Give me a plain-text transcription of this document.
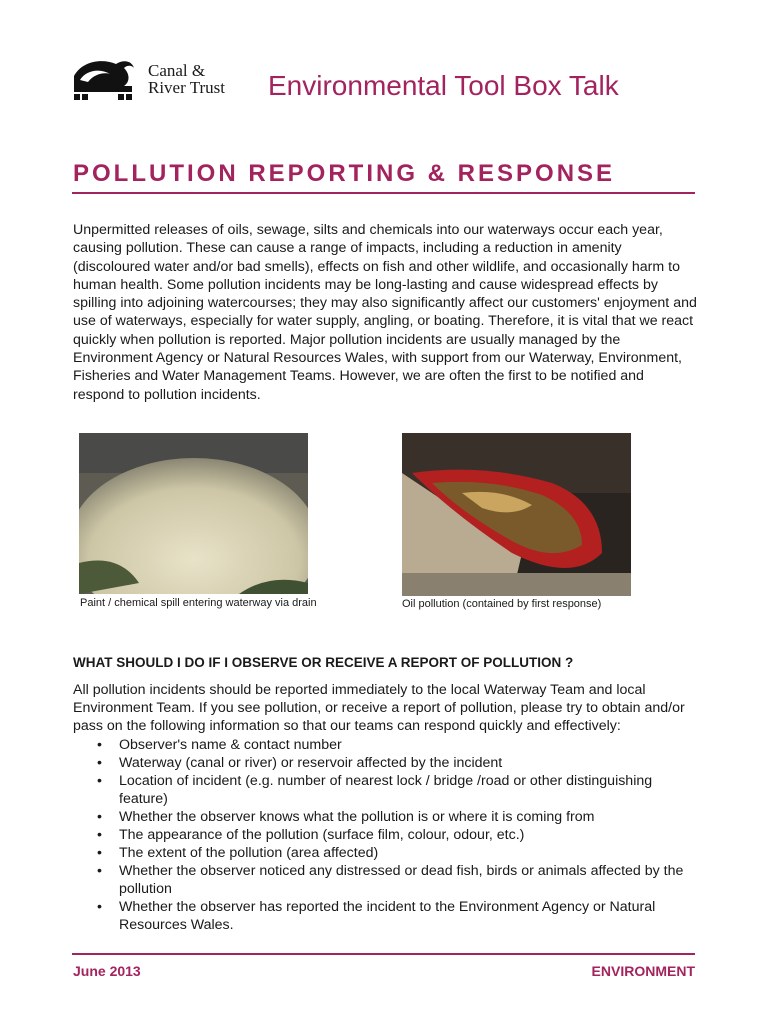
Canal &
River Trust Environmental Tool Box Talk
POLLUTION REPORTING & RESPONSE

Unpermitted releases of oils, sewage, silts and chemicals into our waterways occur each year, causing pollution. These can cause a range of impacts, including a reduction in amenity (discoloured water and/or bad smells), effects on fish and other wildlife, and occasionally harm to human health. Some pollution incidents may be long-lasting and cause widespread effects by spilling into adjoining watercourses; they may also significantly affect our customers' enjoyment and use of waterways, especially for water supply, angling, or boating. Therefore, it is vital that we react quickly when pollution is reported. Major pollution incidents are usually managed by the Environment Agency or Natural Resources Wales, with support from our Waterway, Environment, Fisheries and Water Management Teams. However, we are often the first to be notified and respond to pollution incidents.

Paint / chemical spill entering waterway via drain	Oil pollution (contained by first response)
WHAT SHOULD I DO IF I OBSERVE OR RECEIVE A REPORT OF POLLUTION ?

All pollution incidents should be reported immediately to the local Waterway Team and local Environment Team. If you see pollution, or receive a report of pollution, please try to obtain and/or pass on the following information so that our teams can respond quickly and effectively:

• Observer's name & contact number
• Waterway (canal or river) or reservoir affected by the incident
• Location of incident (e.g. number of nearest lock / bridge /road or other distinguishing feature)
• Whether the observer knows what the pollution is or where it is coming from
• The appearance of the pollution (surface film, colour, odour, etc.)
• The extent of the pollution (area affected)
• Whether the observer noticed any distressed or dead fish, birds or animals affected by the pollution
• Whether the observer has reported the incident to the Environment Agency or Natural Resources Wales.
June 2013	ENVIRONMENT
